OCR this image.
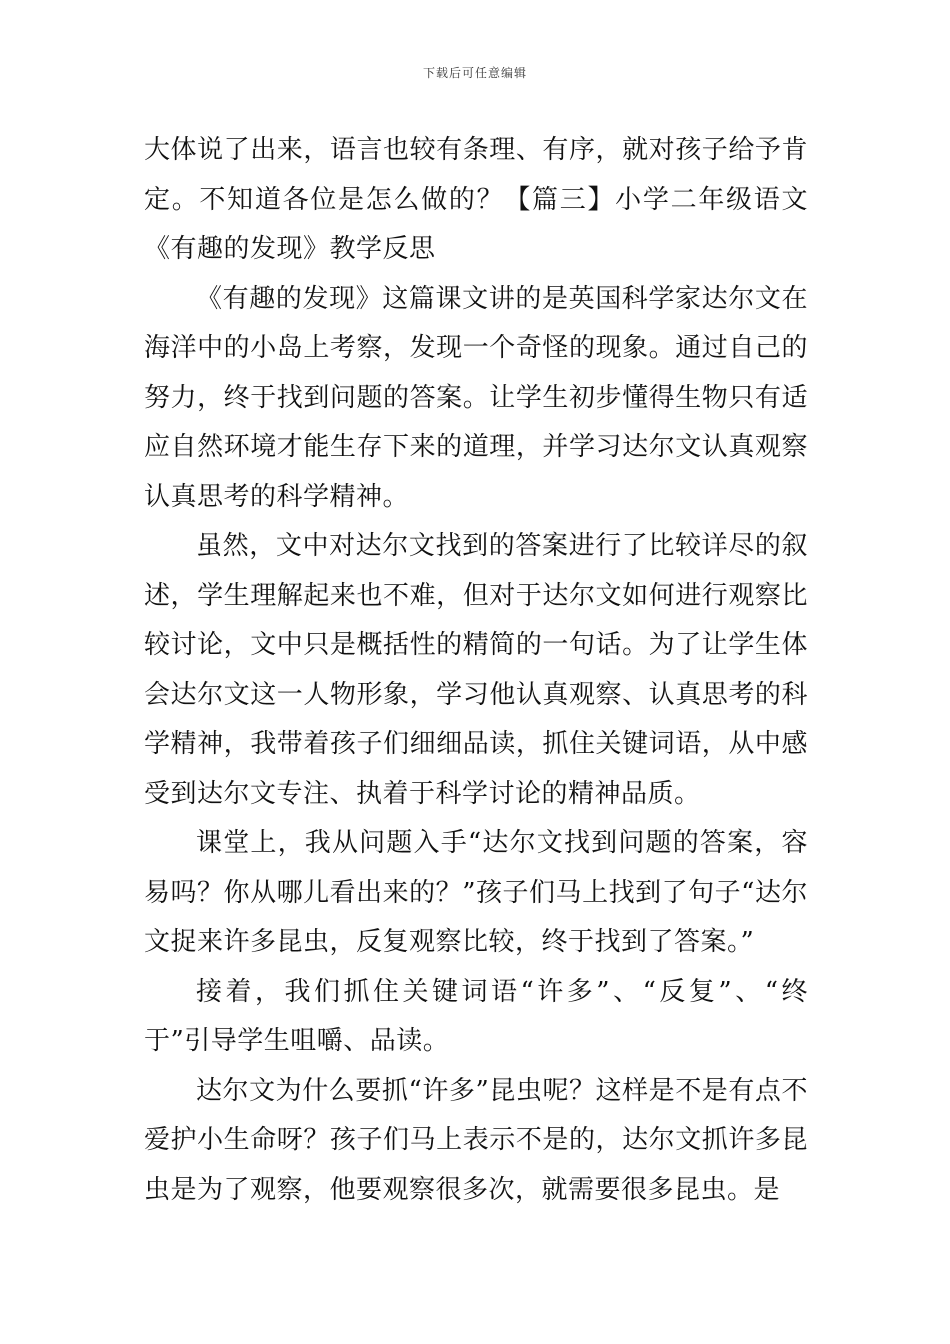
下载后可任意编辑

大体说了出来，语言也较有条理、有序，就对孩子给予肯定。不知道各位是怎么做的？【篇三】小学二年级语文《有趣的发现》教学反思

《有趣的发现》这篇课文讲的是英国科学家达尔文在海洋中的小岛上考察，发现一个奇怪的现象。通过自己的努力，终于找到问题的答案。让学生初步懂得生物只有适应自然环境才能生存下来的道理，并学习达尔文认真观察认真思考的科学精神。

虽然，文中对达尔文找到的答案进行了比较详尽的叙述，学生理解起来也不难，但对于达尔文如何进行观察比较讨论，文中只是概括性的精简的一句话。为了让学生体会达尔文这一人物形象，学习他认真观察、认真思考的科学精神，我带着孩子们细细品读，抓住关键词语，从中感受到达尔文专注、执着于科学讨论的精神品质。

课堂上，我从问题入手“达尔文找到问题的答案，容易吗？你从哪儿看出来的？”孩子们马上找到了句子“达尔文捉来许多昆虫，反复观察比较，终于找到了答案。”

接着，我们抓住关键词语“许多”、“反复”、“终于”引导学生咀嚼、品读。

达尔文为什么要抓“许多”昆虫呢？这样是不是有点不爱护小生命呀？孩子们马上表示不是的，达尔文抓许多昆虫是为了观察，他要观察很多次，就需要很多昆虫。是
